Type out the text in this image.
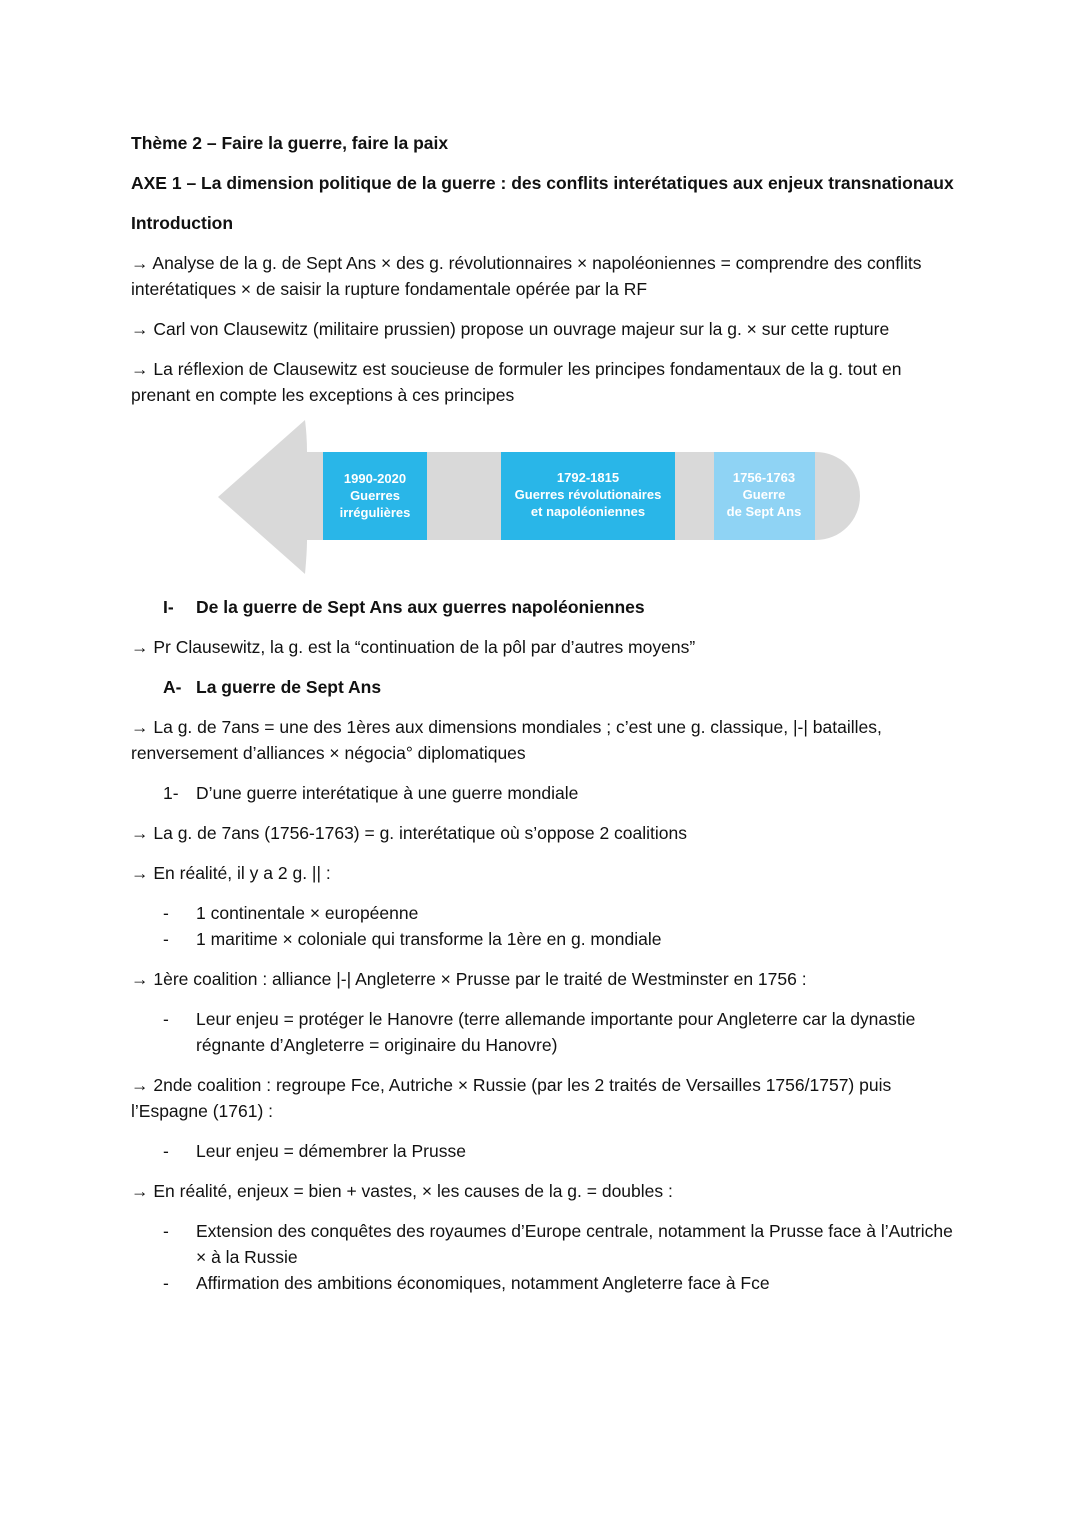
Thème 2 – Faire la guerre, faire la paix

AXE 1 – La dimension politique de la guerre : des conflits interétatiques aux enjeux transnationaux

Introduction

→ Analyse de la g. de Sept Ans × des g. révolutionnaires × napoléoniennes = comprendre des conflits interétatiques × de saisir la rupture fondamentale opérée par la RF

→ Carl von Clausewitz (militaire prussien) propose un ouvrage majeur sur la g. × sur cette rupture

→ La réflexion de Clausewitz est soucieuse de formuler les principes fondamentaux de la g. tout en prenant en compte les exceptions à ces principes

1990-2020
Guerres
irrégulières
1792-1815
Guerres révolutionaires
et napoléoniennes
1756-1763
Guerre
de Sept Ans
I-	De la guerre de Sept Ans aux guerres napoléoniennes

→ Pr Clausewitz, la g. est la “continuation de la pôl par d’autres moyens”

A- La guerre de Sept Ans

→ La g. de 7ans = une des 1ères aux dimensions mondiales ; c’est une g. classique, |-| batailles, renversement d’alliances × négocia° diplomatiques

1- D’une guerre interétatique à une guerre mondiale

→ La g. de 7ans (1756-1763) = g. interétatique où s’oppose 2 coalitions

→ En réalité, il y a 2 g. || :

-	1 continentale × européenne
-	1 maritime × coloniale qui transforme la 1ère en g. mondiale

→ 1ère coalition : alliance |-| Angleterre × Prusse par le traité de Westminster en 1756 :

-	Leur enjeu = protéger le Hanovre (terre allemande importante pour Angleterre car la dynastie régnante d’Angleterre = originaire du Hanovre)

→ 2nde coalition : regroupe Fce, Autriche × Russie (par les 2 traités de Versailles 1756/1757) puis l’Espagne (1761) :

-	Leur enjeu = démembrer la Prusse

→ En réalité, enjeux = bien + vastes, × les causes de la g. = doubles :

-	Extension des conquêtes des royaumes d’Europe centrale, notamment la Prusse face à l’Autriche × à la Russie
-	Affirmation des ambitions économiques, notamment Angleterre face à Fce
